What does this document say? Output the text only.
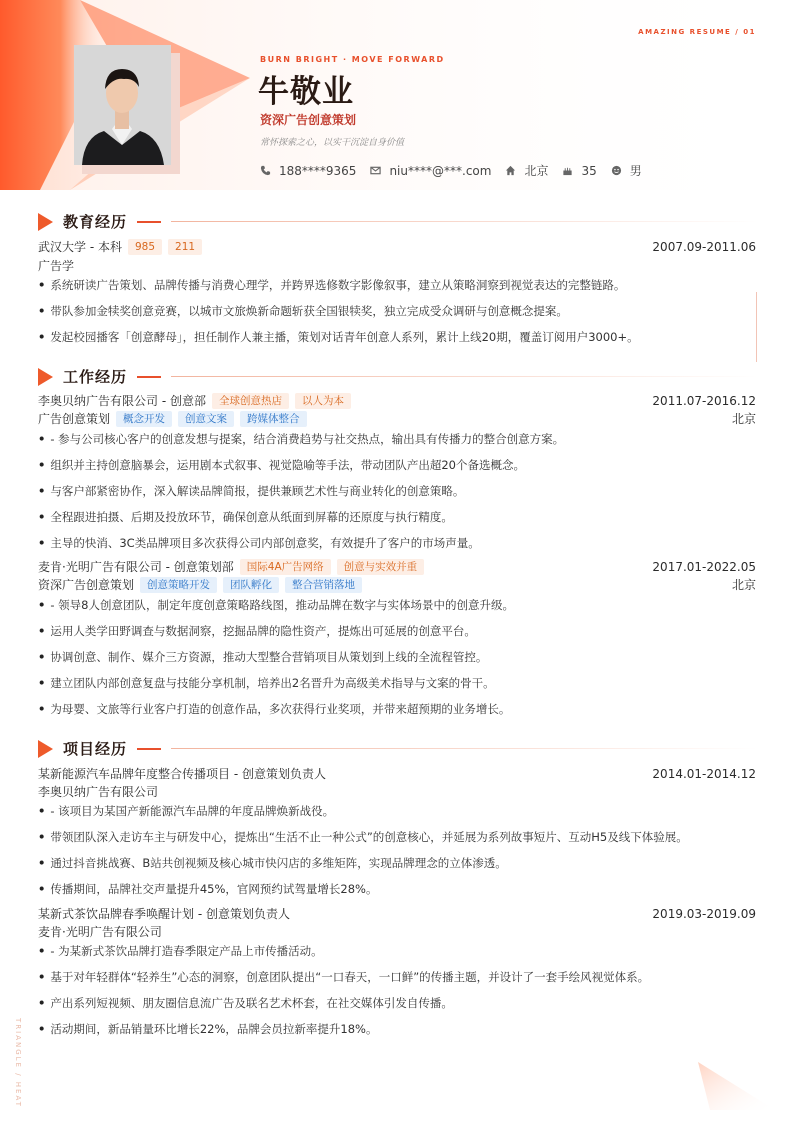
AMAZING RESUME / 01
BURN BRIGHT · MOVE FORWARD
牛敬业
资深广告创意策划
常怀探索之心，以实干沉淀自身价值
188****9365	niu****@***.com	北京	35	男
教育经历
武汉大学 - 本科	985	211	2007.09-2011.06
广告学
• 系统研读广告策划、品牌传播与消费心理学，并跨界选修数字影像叙事，建立从策略洞察到视觉表达的完整链路。
• 带队参加金犊奖创意竞赛，以城市文旅焕新命题斩获全国银犊奖，独立完成受众调研与创意概念提案。
• 发起校园播客「创意酵母」，担任制作人兼主播，策划对话青年创意人系列，累计上线20期，覆盖订阅用户3000+。
工作经历
李奥贝纳广告有限公司 - 创意部	全球创意热店	以人为本	2011.07-2016.12
广告创意策划	概念开发	创意文案	跨媒体整合	北京
• - 参与公司核心客户的创意发想与提案，结合消费趋势与社交热点，输出具有传播力的整合创意方案。
• 组织并主持创意脑暴会，运用剧本式叙事、视觉隐喻等手法，带动团队产出超20个备选概念。
• 与客户部紧密协作，深入解读品牌简报，提供兼顾艺术性与商业转化的创意策略。
• 全程跟进拍摄、后期及投放环节，确保创意从纸面到屏幕的还原度与执行精度。
• 主导的快消、3C类品牌项目多次获得公司内部创意奖，有效提升了客户的市场声量。
麦肯·光明广告有限公司 - 创意策划部	国际4A广告网络	创意与实效并重	2017.01-2022.05
资深广告创意策划	创意策略开发	团队孵化	整合营销落地	北京
• - 领导8人创意团队，制定年度创意策略路线图，推动品牌在数字与实体场景中的创意升级。
• 运用人类学田野调查与数据洞察，挖掘品牌的隐性资产，提炼出可延展的创意平台。
• 协调创意、制作、媒介三方资源，推动大型整合营销项目从策划到上线的全流程管控。
• 建立团队内部创意复盘与技能分享机制，培养出2名晋升为高级美术指导与文案的骨干。
• 为母婴、文旅等行业客户打造的创意作品，多次获得行业奖项，并带来超预期的业务增长。
项目经历
某新能源汽车品牌年度整合传播项目 - 创意策划负责人	2014.01-2014.12
李奥贝纳广告有限公司
• - 该项目为某国产新能源汽车品牌的年度品牌焕新战役。
• 带领团队深入走访车主与研发中心，提炼出“生活不止一种公式”的创意核心，并延展为系列故事短片、互动H5及线下体验展。
• 通过抖音挑战赛、B站共创视频及核心城市快闪店的多维矩阵，实现品牌理念的立体渗透。
• 传播期间，品牌社交声量提升45%，官网预约试驾量增长28%。
某新式茶饮品牌春季唤醒计划 - 创意策划负责人	2019.03-2019.09
麦肯·光明广告有限公司
• - 为某新式茶饮品牌打造春季限定产品上市传播活动。
• 基于对年轻群体“轻养生”心态的洞察，创意团队提出“一口春天，一口鲜”的传播主题，并设计了一套手绘风视觉体系。
• 产出系列短视频、朋友圈信息流广告及联名艺术杯套，在社交媒体引发自传播。
• 活动期间，新品销量环比增长22%，品牌会员拉新率提升18%。
TRIANGLE / HEAT
